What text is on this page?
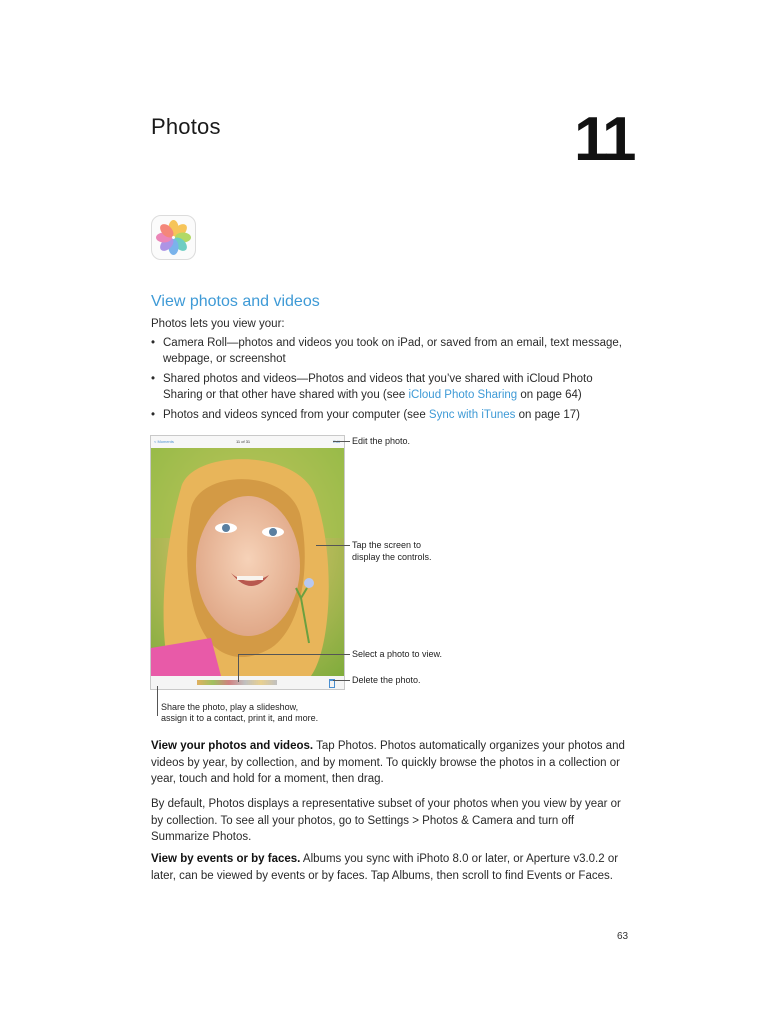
Photos	11
View photos and videos
Photos lets you view your:
• Camera Roll—photos and videos you took on iPad, or saved from an email, text message, webpage, or screenshot
• Shared photos and videos—Photos and videos that you’ve shared with iCloud Photo Sharing or that other have shared with you (see iCloud Photo Sharing on page 64)
• Photos and videos synced from your computer (see Sync with iTunes on page 17)
< Moments	11 of 31	Edit the photo.
Tap the screen to
display the controls.
Select a photo to view.
Delete the photo.
Share the photo, play a slideshow,
assign it to a contact, print it, and more.
View your photos and videos. Tap Photos. Photos automatically organizes your photos and videos by year, by collection, and by moment. To quickly browse the photos in a collection or year, touch and hold for a moment, then drag.
By default, Photos displays a representative subset of your photos when you view by year or by collection. To see all your photos, go to Settings > Photos & Camera and turn off Summarize Photos.
View by events or by faces. Albums you sync with iPhoto 8.0 or later, or Aperture v3.0.2 or later, can be viewed by events or by faces. Tap Albums, then scroll to find Events or Faces.
63
